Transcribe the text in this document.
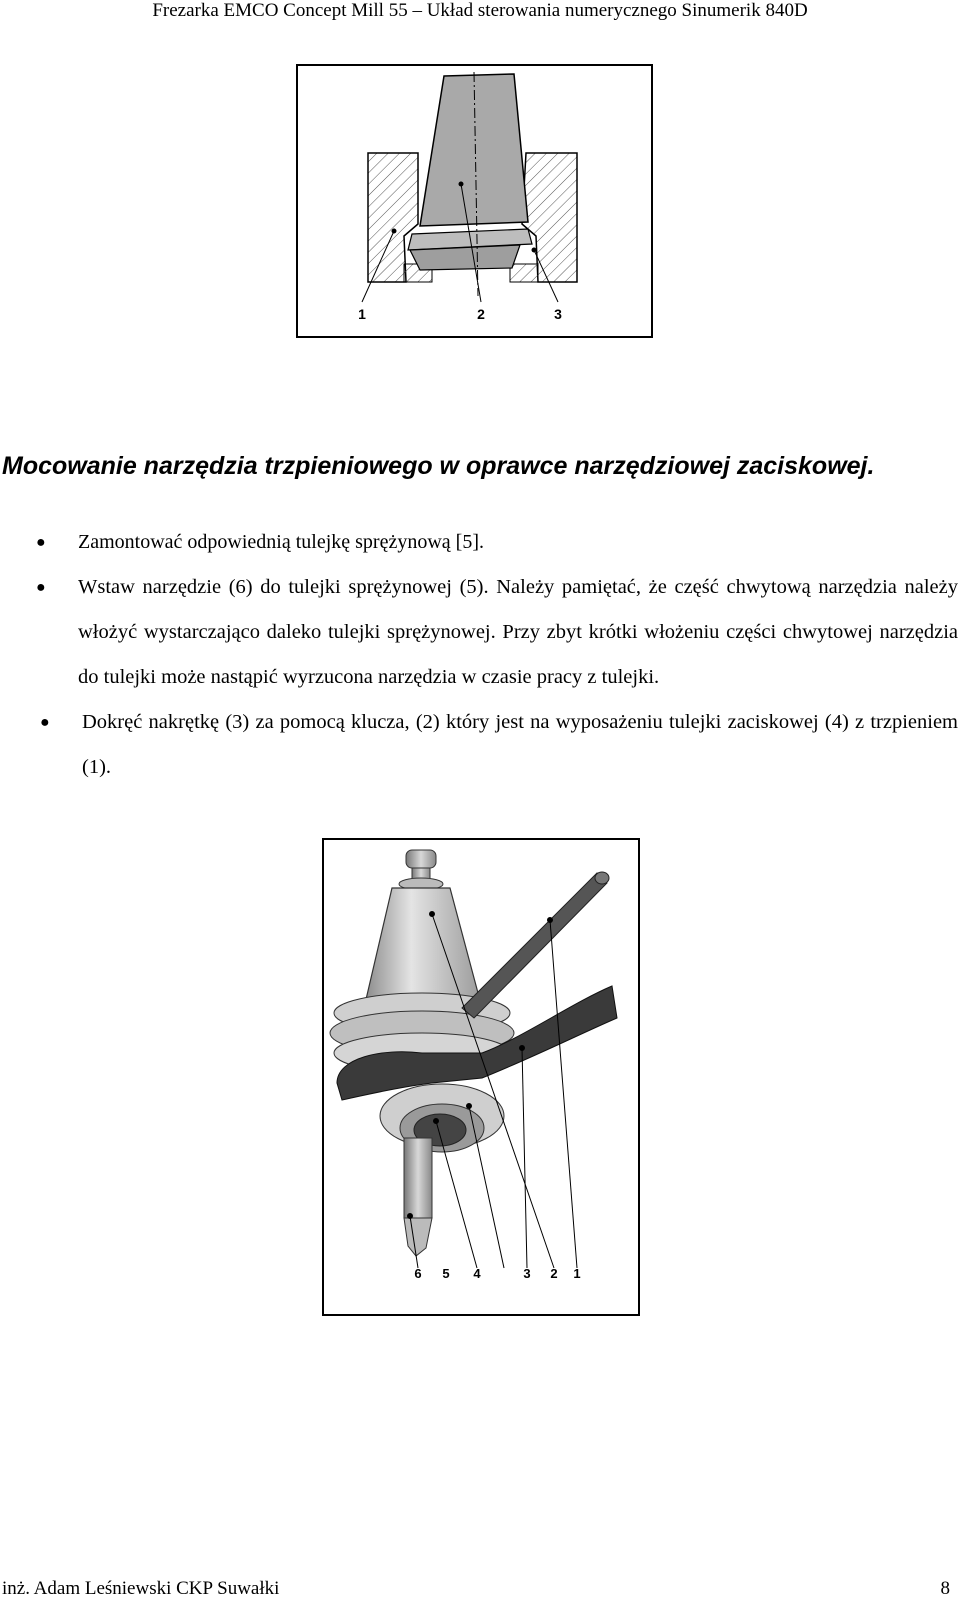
Frezarka EMCO Concept Mill 55 – Układ sterowania numerycznego Sinumerik 840D
1	2	3
Mocowanie narzędzia trzpieniowego w oprawce narzędziowej zaciskowej.
● Zamontować odpowiednią tulejkę sprężynową [5].
● Wstaw narzędzie (6) do tulejki sprężynowej (5). Należy pamiętać, że część chwytową narzędzia należy włożyć wystarczająco daleko tulejki sprężynowej. Przy zbyt krótki włożeniu części chwytowej narzędzia do tulejki może nastąpić wyrzucona narzędzia w czasie pracy z tulejki.
● Dokręć nakrętkę (3) za pomocą klucza, (2) który jest na wyposażeniu tulejki zaciskowej (4) z trzpieniem (1).
6 5 4	3 2 1
inż. Adam Leśniewski CKP Suwałki	8
